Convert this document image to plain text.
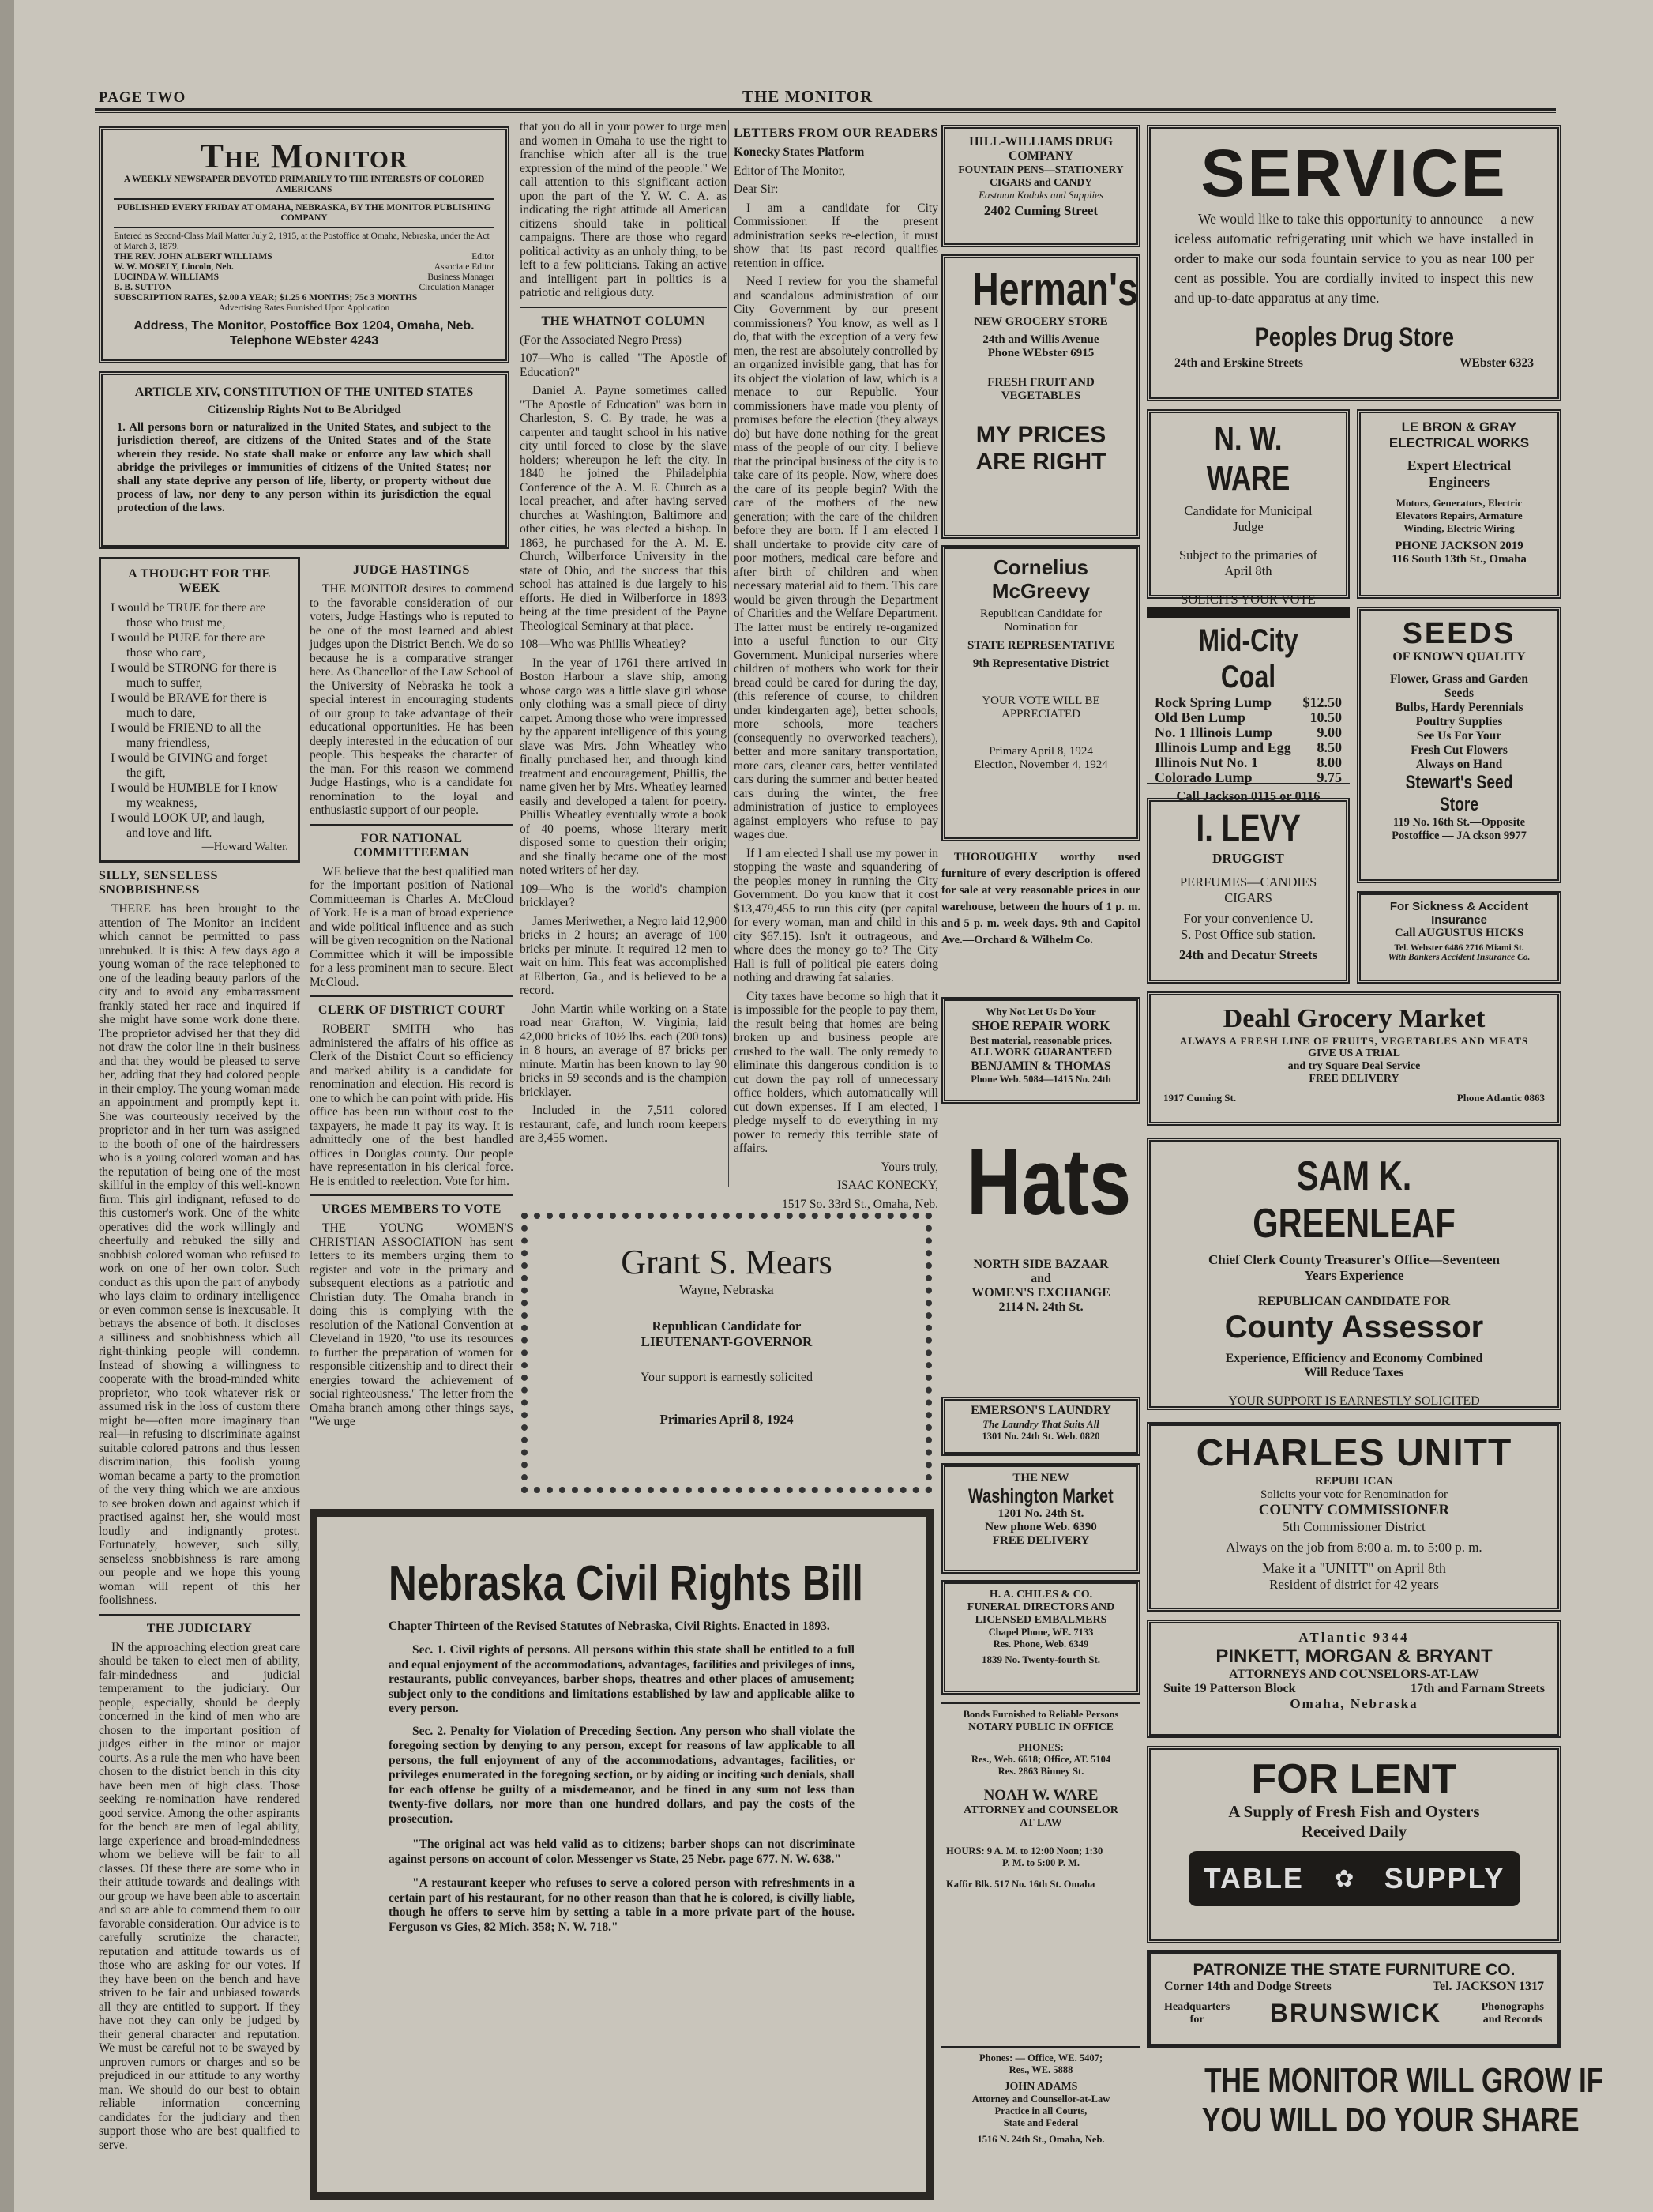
PAGE TWO	THE MONITOR
The Monitor
A WEEKLY NEWSPAPER DEVOTED PRIMARILY TO THE INTERESTS OF COLORED AMERICANS
PUBLISHED EVERY FRIDAY AT OMAHA, NEBRASKA, BY THE MONITOR PUBLISHING COMPANY
Entered as Second-Class Mail Matter July 2, 1915, at the Postoffice at Omaha, Nebraska, under the Act of March 3, 1879.
THE REV. JOHN ALBERT WILLIAMS	Editor
W. W. MOSELY, Lincoln, Neb.	Associate Editor
LUCINDA W. WILLIAMS	Business Manager
B. B. SUTTON	Circulation Manager
SUBSCRIPTION RATES, $2.00 A YEAR; $1.25 6 MONTHS; 75c 3 MONTHS
Advertising Rates Furnished Upon Application
Address, The Monitor, Postoffice Box 1204, Omaha, Neb.
Telephone WEbster 4243
ARTICLE XIV, CONSTITUTION OF THE UNITED STATES
Citizenship Rights Not to Be Abridged
1. All persons born or naturalized in the United States, and subject to the jurisdiction thereof, are citizens of the United States and of the State wherein they reside. No state shall make or enforce any law which shall abridge the privileges or immunities of citizens of the United States; nor shall any state deprive any person of life, liberty, or property without due process of law, nor deny to any person within its jurisdiction the equal protection of the laws.
A THOUGHT FOR THE WEEK
I would be TRUE for there are
those who trust me,
I would be PURE for there are
those who care,
I would be STRONG for there is
much to suffer,
I would be BRAVE for there is
much to dare,
I would be FRIEND to all the
many friendless,
I would be GIVING and forget
the gift,
I would be HUMBLE for I know
my weakness,
I would LOOK UP, and laugh,
and love and lift.
—Howard Walter.
SILLY, SENSELESS SNOBBISHNESS

THERE has been brought to the attention of The Monitor an incident which cannot be permitted to pass unrebuked. It is this: A few days ago a young woman of the race telephoned to one of the leading beauty parlors of the city and to avoid any embarrassment frankly stated her race and inquired if she might have some work done there. The proprietor advised her that they did not draw the color line in their business and that they would be pleased to serve her, adding that they had colored people in their employ. The young woman made an appointment and promptly kept it. She was courteously received by the proprietor and in her turn was assigned to the booth of one of the hairdressers who is a young colored woman and has the reputation of being one of the most skillful in the employ of this well-known firm. This girl indignant, refused to do this customer's work. One of the white operatives did the work willingly and cheerfully and rebuked the silly and snobbish colored woman who refused to work on one of her own color. Such conduct as this upon the part of anybody who lays claim to ordinary intelligence or even common sense is inexcusable. It betrays the absence of both. It discloses a silliness and snobbishness which all right-thinking people will condemn. Instead of showing a willingness to cooperate with the broad-minded white proprietor, who took whatever risk or assumed risk in the loss of custom there might be—often more imaginary than real—in refusing to discriminate against suitable colored patrons and thus lessen discrimination, this foolish young woman became a party to the promotion of the very thing which we are anxious to see broken down and against which if practised against her, she would most loudly and indignantly protest. Fortunately, however, such silly, senseless snobbishness is rare among our people and we hope this young woman will repent of this her foolishness.

THE JUDICIARY

IN the approaching election great care should be taken to elect men of ability, fair-mindedness and judicial temperament to the judiciary. Our people, especially, should be deeply concerned in the kind of men who are chosen to the important position of judges either in the minor or major courts. As a rule the men who have been chosen to the district bench in this city have been men of high class. Those seeking re-nomination have rendered good service. Among the other aspirants for the bench are men of legal ability, large experience and broad-mindedness whom we believe will be fair to all classes. Of these there are some who in their attitude towards and dealings with our group we have been able to ascertain and so are able to commend them to our favorable consideration. Our advice is to carefully scrutinize the character, reputation and attitude towards us of those who are asking for our votes. If they have been on the bench and have striven to be fair and unbiased towards all they are entitled to support. If they have not they can only be judged by their general character and reputation. We must be careful not to be swayed by unproven rumors or charges and so be prejudiced in our attitude to any worthy man. We should do our best to obtain reliable information concerning candidates for the judiciary and then support those who are best qualified to serve.

JUDGE HASTINGS

THE MONITOR desires to commend to the favorable consideration of our voters, Judge Hastings who is reputed to be one of the most learned and ablest judges upon the District Bench. We do so because he is a comparative stranger here. As Chancellor of the Law School of the University of Nebraska he took a special interest in encouraging students of our group to take advantage of their educational opportunities. He has been deeply interested in the education of our people. This bespeaks the character of the man. For this reason we commend Judge Hastings, who is a candidate for renomination to the loyal and enthusiastic support of our people.

FOR NATIONAL COMMITTEEMAN

WE believe that the best qualified man for the important position of National Committeeman is Charles A. McCloud of York. He is a man of broad experience and wide political influence and as such will be given recognition on the National Committee which it will be impossible for a less prominent man to secure. Elect McCloud.

CLERK OF DISTRICT COURT

ROBERT SMITH who has administered the affairs of his office as Clerk of the District Court so efficiency and marked ability is a candidate for renomination and election. His record is one to which he can point with pride. His office has been run without cost to the taxpayers, he made it pay its way. It is admittedly one of the best handled offices in Douglas county. Our people have representation in his clerical force. He is entitled to reelection. Vote for him.

URGES MEMBERS TO VOTE

THE YOUNG WOMEN'S CHRISTIAN ASSOCIATION has sent letters to its members urging them to register and vote in the primary and subsequent elections as a patriotic and Christian duty. The Omaha branch in doing this is complying with the resolution of the National Convention at Cleveland in 1920, "to use its resources to further the preparation of women for responsible citizenship and to direct their energies toward the achievement of social righteousness." The letter from the Omaha branch among other things says, "We urge

that you do all in your power to urge men and women in Omaha to use the right to franchise which after all is the true expression of the mind of the people." We call attention to this significant action upon the part of the Y. W. C. A. as indicating the right attitude all American citizens should take in political campaigns. There are those who regard political activity as an unholy thing, to be left to a few politicians. Taking an active and intelligent part in politics is a patriotic and religious duty.

THE WHATNOT COLUMN

(For the Associated Negro Press)

107—Who is called "The Apostle of Education?"

Daniel A. Payne sometimes called "The Apostle of Education" was born in Charleston, S. C. By trade, he was a carpenter and taught school in his native city until forced to close by the slave holders; whereupon he left the city. In 1840 he joined the Philadelphia Conference of the A. M. E. Church as a local preacher, and after having served churches at Washington, Baltimore and other cities, he was elected a bishop. In 1863, he purchased for the A. M. E. Church, Wilberforce University in the state of Ohio, and the success that this school has attained is due largely to his efforts. He died in Wilberforce in 1893 being at the time president of the Payne Theological Seminary at that place.

108—Who was Phillis Wheatley?

In the year of 1761 there arrived in Boston Harbour a slave ship, among whose cargo was a little slave girl whose only clothing was a small piece of dirty carpet. Among those who were impressed by the apparent intelligence of this young slave was Mrs. John Wheatley who finally purchased her, and through kind treatment and encouragement, Phillis, the name given her by Mrs. Wheatley learned easily and developed a talent for poetry. Phillis Wheatley eventually wrote a book of 40 poems, whose literary merit disposed some to question their origin; and she finally became one of the most noted writers of her day.

109—Who is the world's champion bricklayer?

James Meriwether, a Negro laid 12,900 bricks in 2 hours; an average of 100 bricks per minute. It required 12 men to wait on him. This feat was accomplished at Elberton, Ga., and is believed to be a record.

John Martin while working on a State road near Grafton, W. Virginia, laid 42,000 bricks of 10½ lbs. each (200 tons) in 8 hours, an average of 87 bricks per minute. Martin has been known to lay 90 bricks in 59 seconds and is the champion bricklayer.

Included in the 7,511 colored restaurant, cafe, and lunch room keepers are 3,455 women.

LETTERS FROM OUR READERS

Konecky States Platform

Editor of The Monitor,

Dear Sir:

I am a candidate for City Commissioner. If the present administration seeks re-election, it must show that its past record qualifies retention in office.

Need I review for you the shameful and scandalous administration of our City Government by our present commissioners? You know, as well as I do, that with the exception of a very few men, the rest are absolutely controlled by an organized invisible gang, that has for its object the violation of law, which is a menace to our Republic. Your commissioners have made you plenty of promises before the election (they always do) but have done nothing for the great mass of the people of our city. I believe that the principal business of the city is to take care of its people. Now, where does the care of its people begin? With the care of the mothers of the new generation; with the care of the children before they are born. If I am elected I shall undertake to provide city care of poor mothers, medical care before and after birth of children and when necessary material aid to them. This care would be given through the Department of Charities and the Welfare Department. The latter must be entirely re-organized into a useful function to our City Government. Municipal nurseries where children of mothers who work for their bread could be cared for during the day, (this reference of course, to children under kindergarten age), better schools, more schools, more teachers (consequently no overworked teachers), better and more sanitary transportation, more cars, cleaner cars, better ventilated cars during the summer and better heated cars during the winter, the free administration of justice to employees against employers who refuse to pay wages due.

If I am elected I shall use my power in stopping the waste and squandering of the peoples money in running the City Government. Do you know that it cost $13,479,455 to run this city (per capital for every woman, man and child in this city $67.15). Isn't it outrageous, and where does the money go to? The City Hall is full of political pie eaters doing nothing and drawing fat salaries.

City taxes have become so high that it is impossible for the people to pay them, the result being that homes are being broken up and business people are crushed to the wall. The only remedy to eliminate this dangerous condition is to cut down the pay roll of unnecessary office holders, which automatically will cut down expenses. If I am elected, I pledge myself to do everything in my power to remedy this terrible state of affairs.

Yours truly,

ISAAC KONECKY,

1517 So. 33rd St., Omaha, Neb.

Grant S. Mears
Wayne, Nebraska
Republican Candidate for
LIEUTENANT-GOVERNOR
Your support is earnestly solicited
Primaries April 8, 1924
Nebraska Civil Rights Bill
Chapter Thirteen of the Revised Statutes of Nebraska, Civil Rights. Enacted in 1893.
Sec. 1. Civil rights of persons. All persons within this state shall be entitled to a full and equal enjoyment of the accommodations, advantages, facilities and privileges of inns, restaurants, public conveyances, barber shops, theatres and other places of amusement; subject only to the conditions and limitations established by law and applicable alike to every person.
Sec. 2. Penalty for Violation of Preceding Section. Any person who shall violate the foregoing section by denying to any person, except for reasons of law applicable to all persons, the full enjoyment of any of the accommodations, advantages, facilities, or privileges enumerated in the foregoing section, or by aiding or inciting such denials, shall for each offense be guilty of a misdemeanor, and be fined in any sum not less than twenty-five dollars, nor more than one hundred dollars, and pay the costs of the prosecution.
"The original act was held valid as to citizens; barber shops can not discriminate against persons on account of color. Messenger vs State, 25 Nebr. page 677. N. W. 638."
"A restaurant keeper who refuses to serve a colored person with refreshments in a certain part of his restaurant, for no other reason than that he is colored, is civilly liable, though he offers to serve him by setting a table in a more private part of the house. Ferguson vs Gies, 82 Mich. 358; N. W. 718."
HILL-WILLIAMS DRUG COMPANY
FOUNTAIN PENS—STATIONERY
CIGARS and CANDY
Eastman Kodaks and Supplies
2402 Cuming Street
Herman's
NEW GROCERY STORE
24th and Willis Avenue
Phone WEbster 6915
FRESH FRUIT AND VEGETABLES
MY PRICES
ARE RIGHT
Cornelius
McGreevy
Republican Candidate for Nomination for
STATE REPRESENTATIVE
9th Representative District
YOUR VOTE WILL BE APPRECIATED
Primary April 8, 1924
Election, November 4, 1924

THOROUGHLY worthy used furniture of every description is offered for sale at very reasonable prices in our warehouse, between the hours of 1 p. m. and 5 p. m. week days. 9th and Capitol Ave.—Orchard & Wilhelm Co.

Why Not Let Us Do Your
SHOE REPAIR WORK
Best material, reasonable prices.
ALL WORK GUARANTEED
BENJAMIN & THOMAS
Phone Web. 5084—1415 No. 24th
Hats
NORTH SIDE BAZAAR
and
WOMEN'S EXCHANGE
2114 N. 24th St.
EMERSON'S LAUNDRY
The Laundry That Suits All
1301 No. 24th St. Web. 0820
THE NEW
Washington Market
1201 No. 24th St.
New phone Web. 6390
FREE DELIVERY
H. A. CHILES & CO.
FUNERAL DIRECTORS AND
LICENSED EMBALMERS
Chapel Phone, WE. 7133
Res. Phone, Web. 6349
1839 No. Twenty-fourth St.
Bonds Furnished to Reliable Persons
NOTARY PUBLIC IN OFFICE
PHONES:
Res., Web. 6618; Office, AT. 5104
Res. 2863 Binney St.
NOAH W. WARE
ATTORNEY and COUNSELOR
AT LAW
HOURS: 9 A. M. to 12:00 Noon; 1:30
P. M. to 5:00 P. M.
Kaffir Blk. 517 No. 16th St. Omaha
Phones: — Office, WE. 5407;
Res., WE. 5888
JOHN ADAMS
Attorney and Counsellor-at-Law
Practice in all Courts,
State and Federal
1516 N. 24th St., Omaha, Neb.
SERVICE
We would like to take this opportunity to announce— a new iceless automatic refrigerating unit which we have installed in order to make our soda fountain service to you as near 100 per cent as possible. You are cordially invited to inspect this new and up-to-date apparatus at any time.
Peoples Drug Store
24th and Erskine Streets	WEbster 6323
N. W. WARE
Candidate for Municipal
Judge
Subject to the primaries of
April 8th
SOLICITS YOUR VOTE
LE BRON & GRAY
ELECTRICAL WORKS
Expert Electrical
Engineers
Motors, Generators, Electric
Elevators Repairs, Armature
Winding, Electric Wiring
PHONE JACKSON 2019
116 South 13th St., Omaha
Mid-City Coal
Rock Spring Lump $12.50
Old Ben Lump	10.50
No. 1 Illinois Lump	9.00
Illinois Lump and Egg 8.50
Illinois Nut No. 1	8.00
Colorado Lump	9.75
Call Jackson 0115 or 0116
SEEDS
OF KNOWN QUALITY
Flower, Grass and Garden
Seeds
Bulbs, Hardy Perennials
Poultry Supplies
See Us For Your
Fresh Cut Flowers
Always on Hand
Stewart's Seed Store
119 No. 16th St.—Opposite
Postoffice — JA ckson 9977
I. LEVY
DRUGGIST
PERFUMES—CANDIES
CIGARS
For your convenience U.
S. Post Office sub station.
24th and Decatur Streets
For Sickness & Accident
Insurance
Call AUGUSTUS HICKS
Tel. Webster 6486 2716 Miami St.
With Bankers Accident Insurance Co.
Deahl Grocery Market
ALWAYS A FRESH LINE OF FRUITS, VEGETABLES AND MEATS
GIVE US A TRIAL
and try Square Deal Service
FREE DELIVERY
1917 Cuming St.	Phone Atlantic 0863
SAM K. GREENLEAF
Chief Clerk County Treasurer's Office—Seventeen
Years Experience
REPUBLICAN CANDIDATE FOR
County Assessor
Experience, Efficiency and Economy Combined
Will Reduce Taxes
YOUR SUPPORT IS EARNESTLY SOLICITED
CHARLES UNITT
REPUBLICAN
Solicits your vote for Renomination for
COUNTY COMMISSIONER
5th Commissioner District
Always on the job from 8:00 a. m. to 5:00 p. m.
Make it a "UNITT" on April 8th
Resident of district for 42 years
ATlantic 9344
PINKETT, MORGAN & BRYANT
ATTORNEYS AND COUNSELORS-AT-LAW
Suite 19 Patterson Block	17th and Farnam Streets
Omaha, Nebraska
FOR LENT
A Supply of Fresh Fish and Oysters
Received Daily
TABLE ✿ SUPPLY
PATRONIZE THE STATE FURNITURE CO.
Corner 14th and Dodge Streets	Tel. JACKSON 1317
Headquarters
for	BRUNSWICK	Phonographs
and Records
THE MONITOR WILL GROW IF
YOU WILL DO YOUR SHARE
